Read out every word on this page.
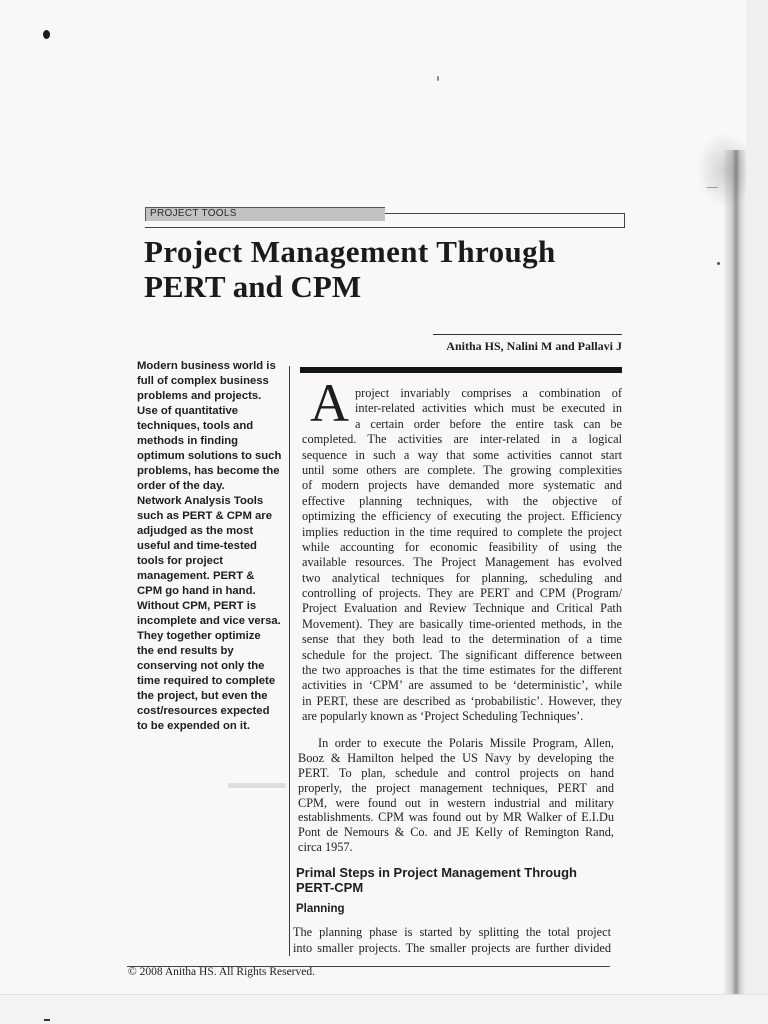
PROJECT TOOLS
Project Management Through
PERT and CPM
Anitha HS, Nalini M and Pallavi J
Modern business world is
full of complex business
problems and projects.
Use of quantitative
techniques, tools and
methods in finding
optimum solutions to such
problems, has become the
order of the day.
Network Analysis Tools
such as PERT & CPM are
adjudged as the most
useful and time-tested
tools for project
management. PERT &
CPM go hand in hand.
Without CPM, PERT is
incomplete and vice versa.
They together optimize
the end results by
conserving not only the
time required to complete
the project, but even the
cost/resources expected
to be expended on it.
A project invariably comprises a combination of
inter-related activities which must be executed in
a certain order before the entire task can be
completed. The activities are inter-related in a logical
sequence in such a way that some activities cannot start
until some others are complete. The growing complexities
of modern projects have demanded more systematic and
effective planning techniques, with the objective of
optimizing the efficiency of executing the project. Efficiency
implies reduction in the time required to complete the project
while accounting for economic feasibility of using the
available resources. The Project Management has evolved
two analytical techniques for planning, scheduling and
controlling of projects. They are PERT and CPM (Program/
Project Evaluation and Review Technique and Critical Path
Movement). They are basically time-oriented methods, in the
sense that they both lead to the determination of a time
schedule for the project. The significant difference between
the two approaches is that the time estimates for the different
activities in ‘CPM’ are assumed to be ‘deterministic’, while
in PERT, these are described as ‘probabilistic’. However, they
are popularly known as ‘Project Scheduling Techniques’.
In order to execute the Polaris Missile Program, Allen,
Booz & Hamilton helped the US Navy by developing the
PERT. To plan, schedule and control projects on hand
properly, the project management techniques, PERT and
CPM, were found out in western industrial and military
establishments. CPM was found out by MR Walker of E.I.Du
Pont de Nemours & Co. and JE Kelly of Remington Rand,
circa 1957.
Primal Steps in Project Management Through
PERT-CPM
Planning
The planning phase is started by splitting the total project
into smaller projects. The smaller projects are further divided
© 2008 Anitha HS. All Rights Reserved.
